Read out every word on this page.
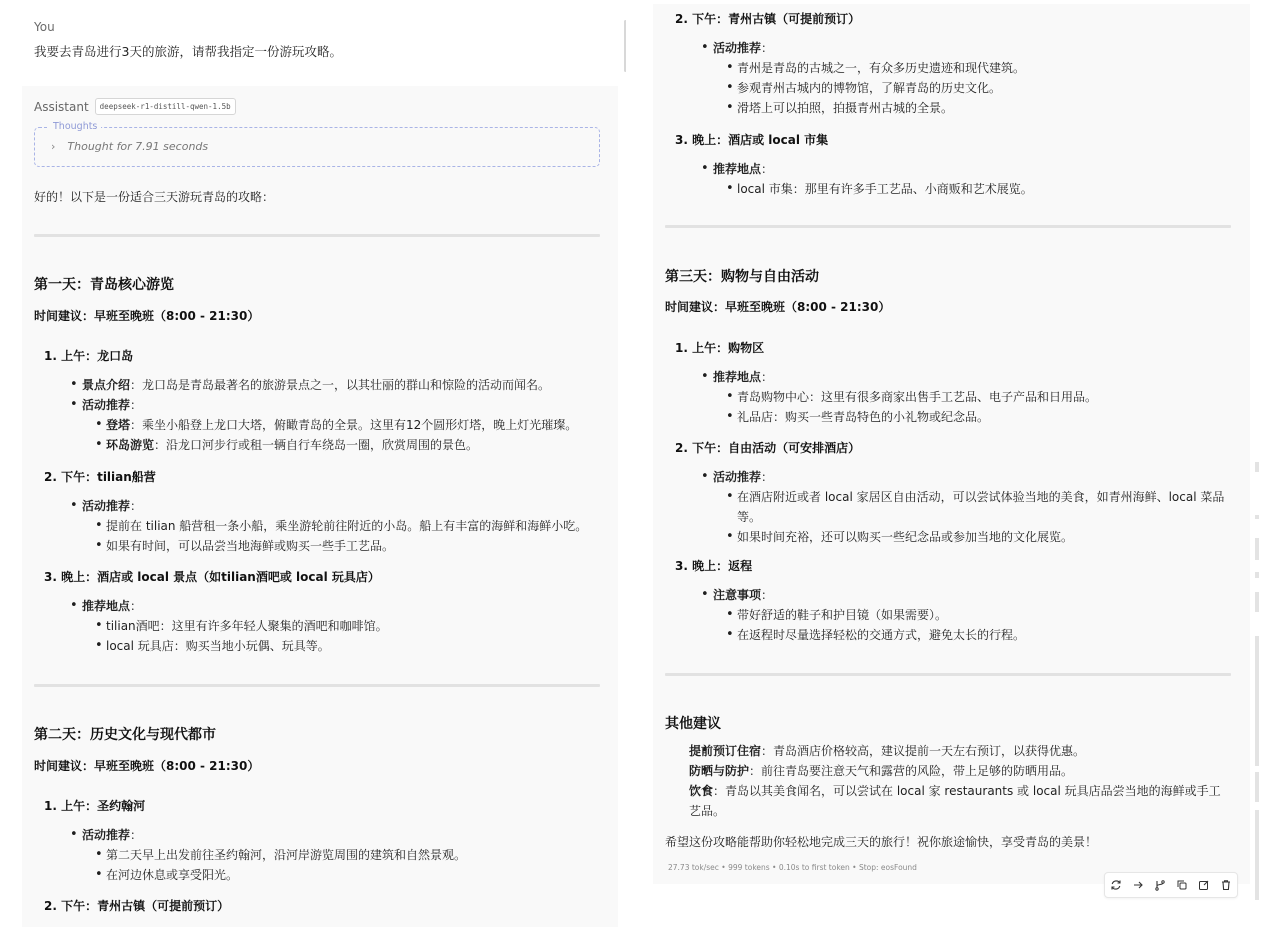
You
我要去青岛进行3天的旅游，请帮我指定一份游玩攻略。
Assistant	deepseek-r1-distill-qwen-1.5b
Thoughts
› Thought for 7.91 seconds

好的！以下是一份适合三天游玩青岛的攻略：

第一天：青岛核心游览
时间建议：早班至晚班（8:00 - 21:30）
1. 上午：龙口岛
• 景点介绍：龙口岛是青岛最著名的旅游景点之一，以其壮丽的群山和惊险的活动而闻名。
• 活动推荐：
• 登塔：乘坐小船登上龙口大塔，俯瞰青岛的全景。这里有12个圆形灯塔，晚上灯光璀璨。
• 环岛游览：沿龙口河步行或租一辆自行车绕岛一圈，欣赏周围的景色。
2. 下午：tilian船营
• 活动推荐：
• 提前在 tilian 船营租一条小船，乘坐游轮前往附近的小岛。船上有丰富的海鲜和海鲜小吃。
• 如果有时间，可以品尝当地海鲜或购买一些手工艺品。
3. 晚上：酒店或 local 景点（如tilian酒吧或 local 玩具店）
• 推荐地点：
• tilian酒吧：这里有许多年轻人聚集的酒吧和咖啡馆。
• local 玩具店：购买当地小玩偶、玩具等。
第二天：历史文化与现代都市
时间建议：早班至晚班（8:00 - 21:30）
1. 上午：圣约翰河
• 活动推荐：
• 第二天早上出发前往圣约翰河，沿河岸游览周围的建筑和自然景观。
• 在河边休息或享受阳光。
2. 下午：青州古镇（可提前预订）
2. 下午：青州古镇（可提前预订）
• 活动推荐：
• 青州是青岛的古城之一，有众多历史遗迹和现代建筑。
• 参观青州古城内的博物馆，了解青岛的历史文化。
• 滑塔上可以拍照，拍摄青州古城的全景。
3. 晚上：酒店或 local 市集
• 推荐地点：
• local 市集：那里有许多手工艺品、小商贩和艺术展览。
第三天：购物与自由活动
时间建议：早班至晚班（8:00 - 21:30）
1. 上午：购物区
• 推荐地点：
• 青岛购物中心：这里有很多商家出售手工艺品、电子产品和日用品。
• 礼品店：购买一些青岛特色的小礼物或纪念品。
2. 下午：自由活动（可安排酒店）
• 活动推荐：
• 在酒店附近或者 local 家居区自由活动，可以尝试体验当地的美食，如青州海鲜、local 菜品等。
• 如果时间充裕，还可以购买一些纪念品或参加当地的文化展览。
3. 晚上：返程
• 注意事项：
• 带好舒适的鞋子和护目镜（如果需要）。
• 在返程时尽量选择轻松的交通方式，避免太长的行程。
其他建议
• 提前预订住宿：青岛酒店价格较高，建议提前一天左右预订，以获得优惠。
• 防晒与防护：前往青岛要注意天气和露营的风险，带上足够的防晒用品。
• 饮食：青岛以其美食闻名，可以尝试在 local 家 restaurants 或 local 玩具店品尝当地的海鲜或手工艺品。

希望这份攻略能帮助你轻松地完成三天的旅行！祝你旅途愉快，享受青岛的美景！

27.73 tok/sec • 999 tokens • 0.10s to first token • Stop: eosFound
